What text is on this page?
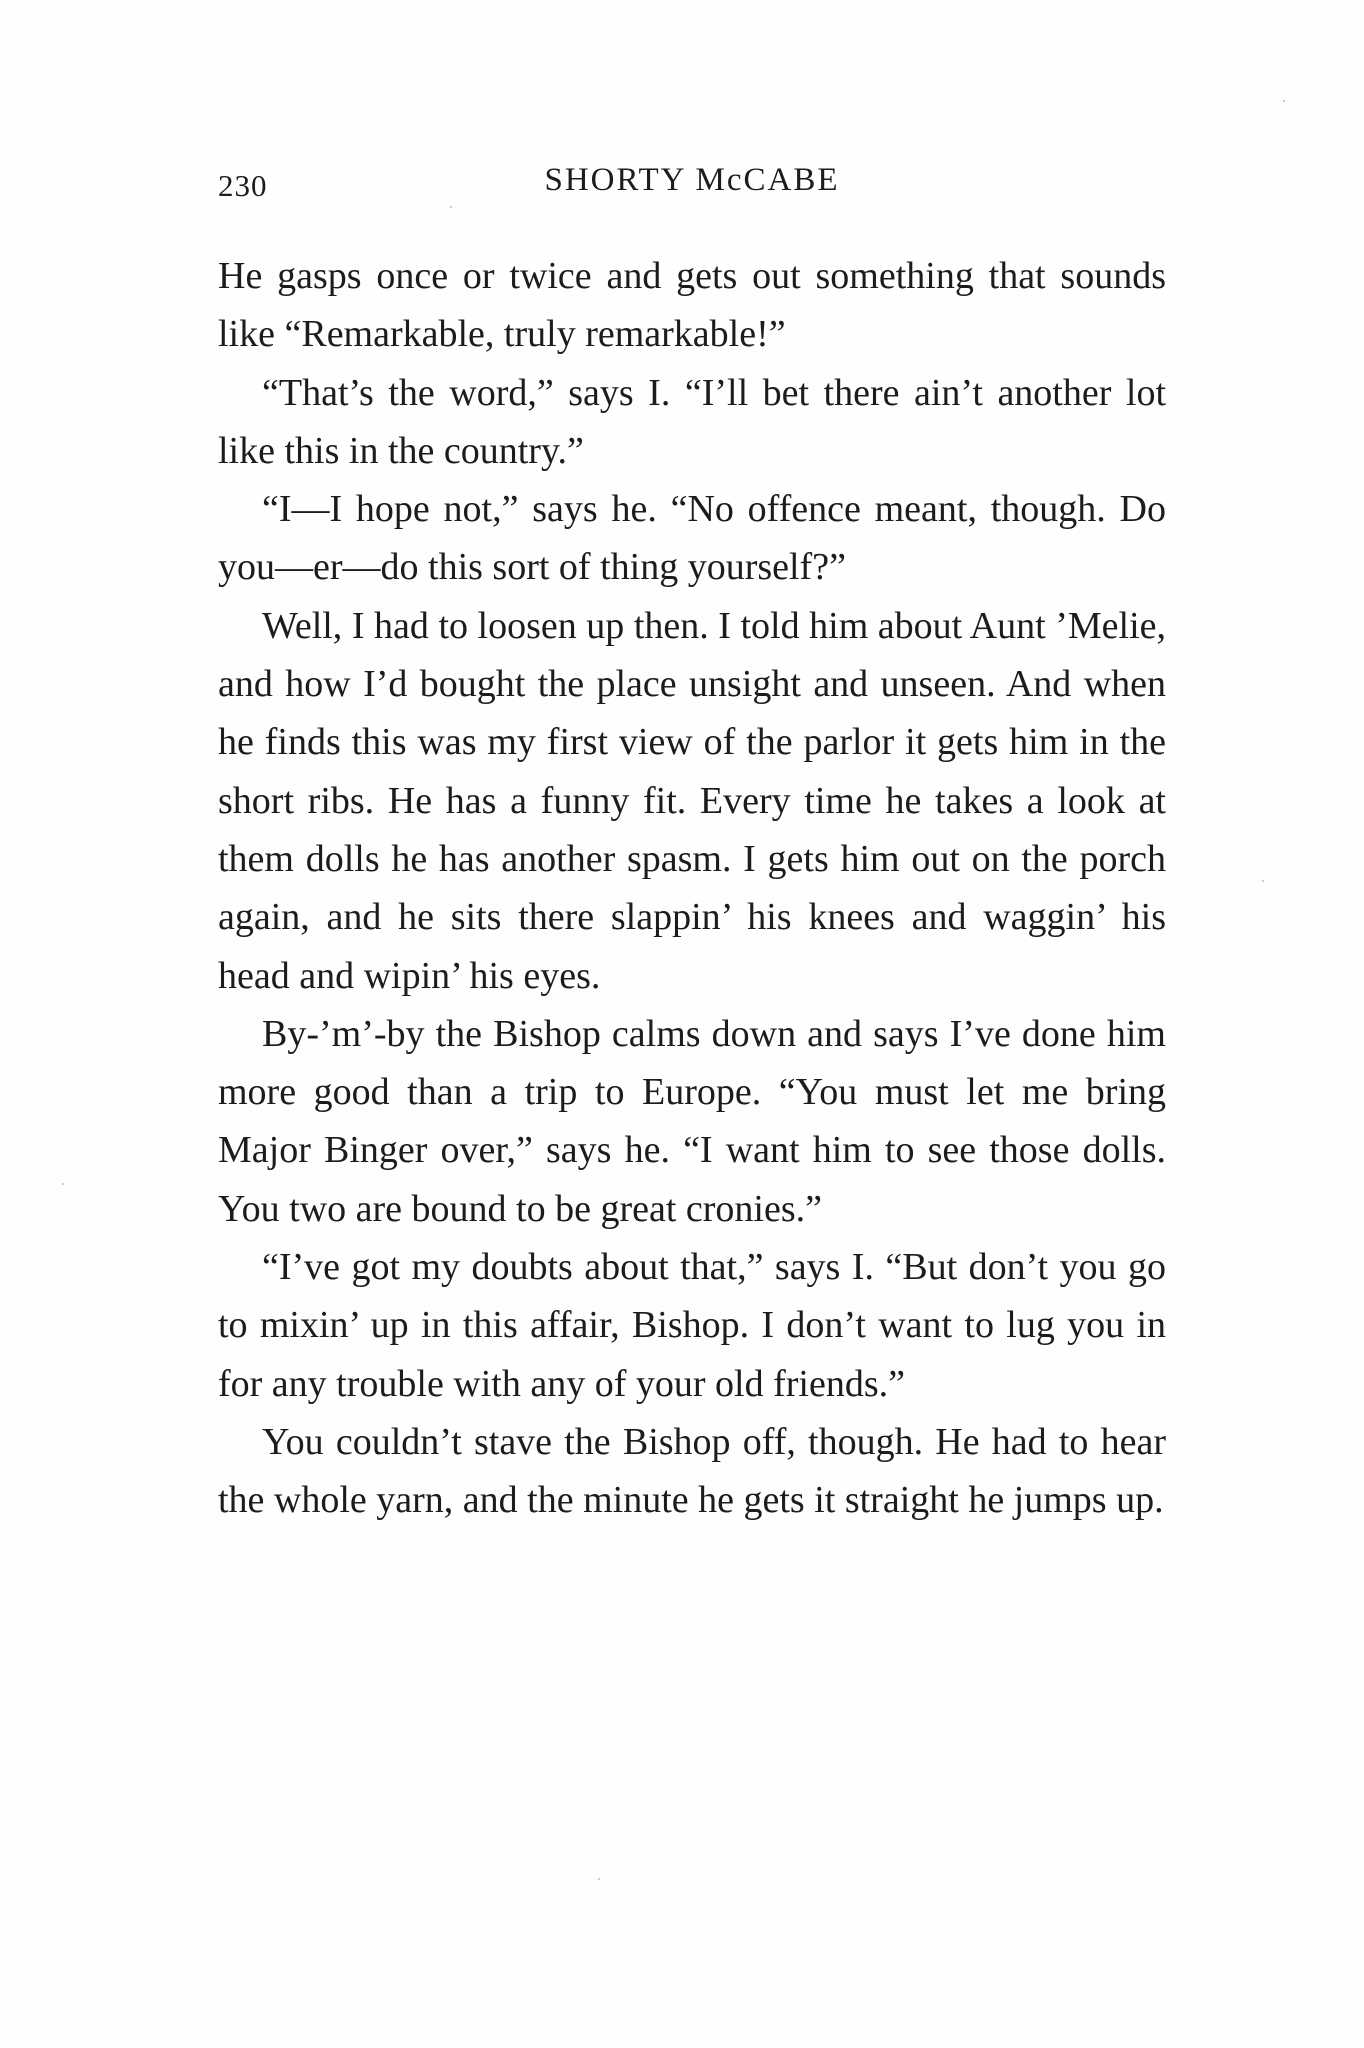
230	SHORTY McCABE

He gasps once or twice and gets out something that sounds like “Remarkable, truly remarkable!”

“That’s the word,” says I. “I’ll bet there ain’t another lot like this in the country.”

“I—I hope not,” says he. “No offence meant, though. Do you—er—do this sort of thing yourself?”

Well, I had to loosen up then. I told him about Aunt ’Melie, and how I’d bought the place unsight and unseen. And when he finds this was my first view of the parlor it gets him in the short ribs. He has a funny fit. Every time he takes a look at them dolls he has another spasm. I gets him out on the porch again, and he sits there slappin’ his knees and waggin’ his head and wipin’ his eyes.

By-’m’-by the Bishop calms down and says I’ve done him more good than a trip to Europe. “You must let me bring Major Binger over,” says he. “I want him to see those dolls. You two are bound to be great cronies.”

“I’ve got my doubts about that,” says I. “But don’t you go to mixin’ up in this affair, Bishop. I don’t want to lug you in for any trouble with any of your old friends.”

You couldn’t stave the Bishop off, though. He had to hear the whole yarn, and the minute he gets it straight he jumps up.
